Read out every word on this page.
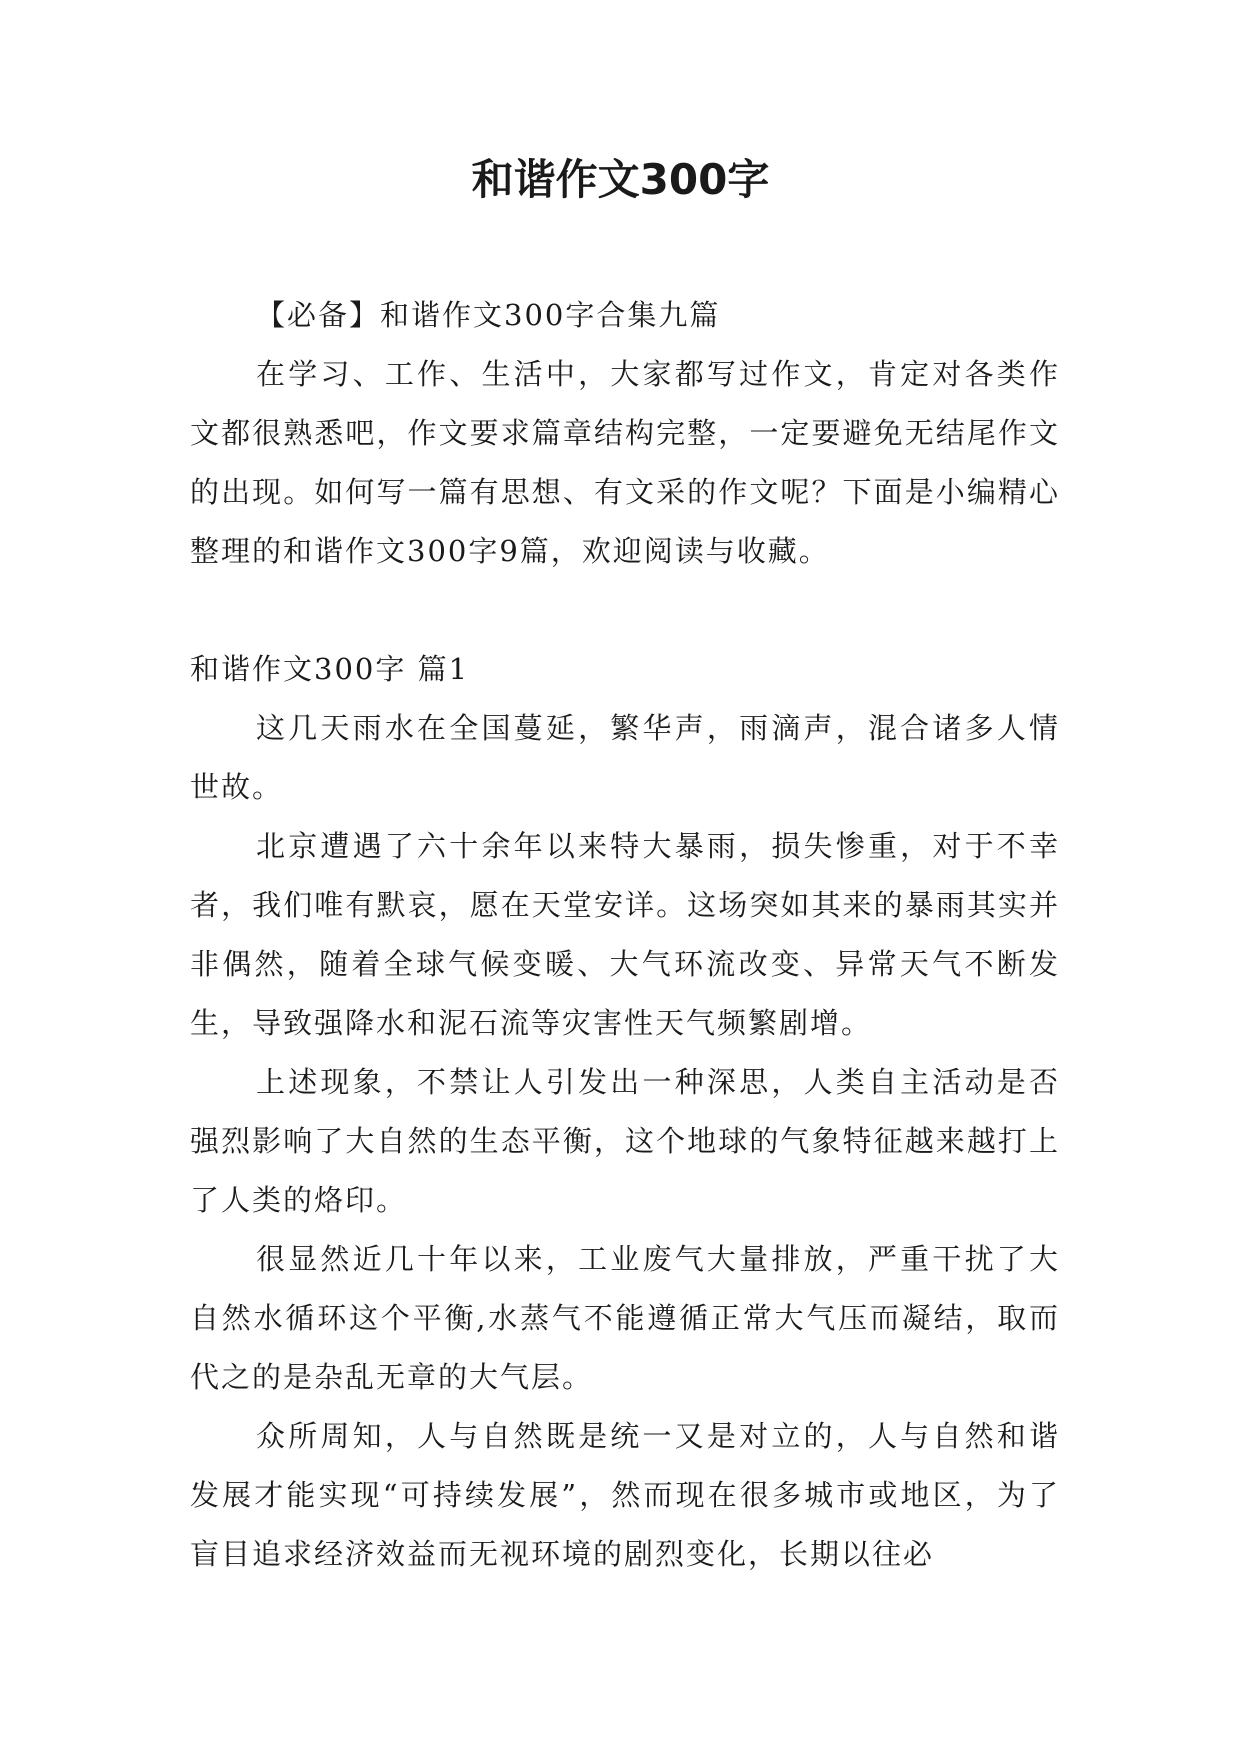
和谐作文300字

【必备】和谐作文300字合集九篇

在学习、工作、生活中，大家都写过作文，肯定对各类作文都很熟悉吧，作文要求篇章结构完整，一定要避免无结尾作文的出现。如何写一篇有思想、有文采的作文呢？下面是小编精心整理的和谐作文300字9篇，欢迎阅读与收藏。

和谐作文300字 篇1

这几天雨水在全国蔓延，繁华声，雨滴声，混合诸多人情世故。

北京遭遇了六十余年以来特大暴雨，损失惨重，对于不幸者，我们唯有默哀，愿在天堂安详。这场突如其来的暴雨其实并非偶然，随着全球气候变暖、大气环流改变、异常天气不断发生，导致强降水和泥石流等灾害性天气频繁剧增。

上述现象，不禁让人引发出一种深思，人类自主活动是否强烈影响了大自然的生态平衡，这个地球的气象特征越来越打上了人类的烙印。

很显然近几十年以来，工业废气大量排放，严重干扰了大自然水循环这个平衡,水蒸气不能遵循正常大气压而凝结，取而代之的是杂乱无章的大气层。

众所周知，人与自然既是统一又是对立的，人与自然和谐发展才能实现“可持续发展”，然而现在很多城市或地区，为了盲目追求经济效益而无视环境的剧烈变化，长期以往必
